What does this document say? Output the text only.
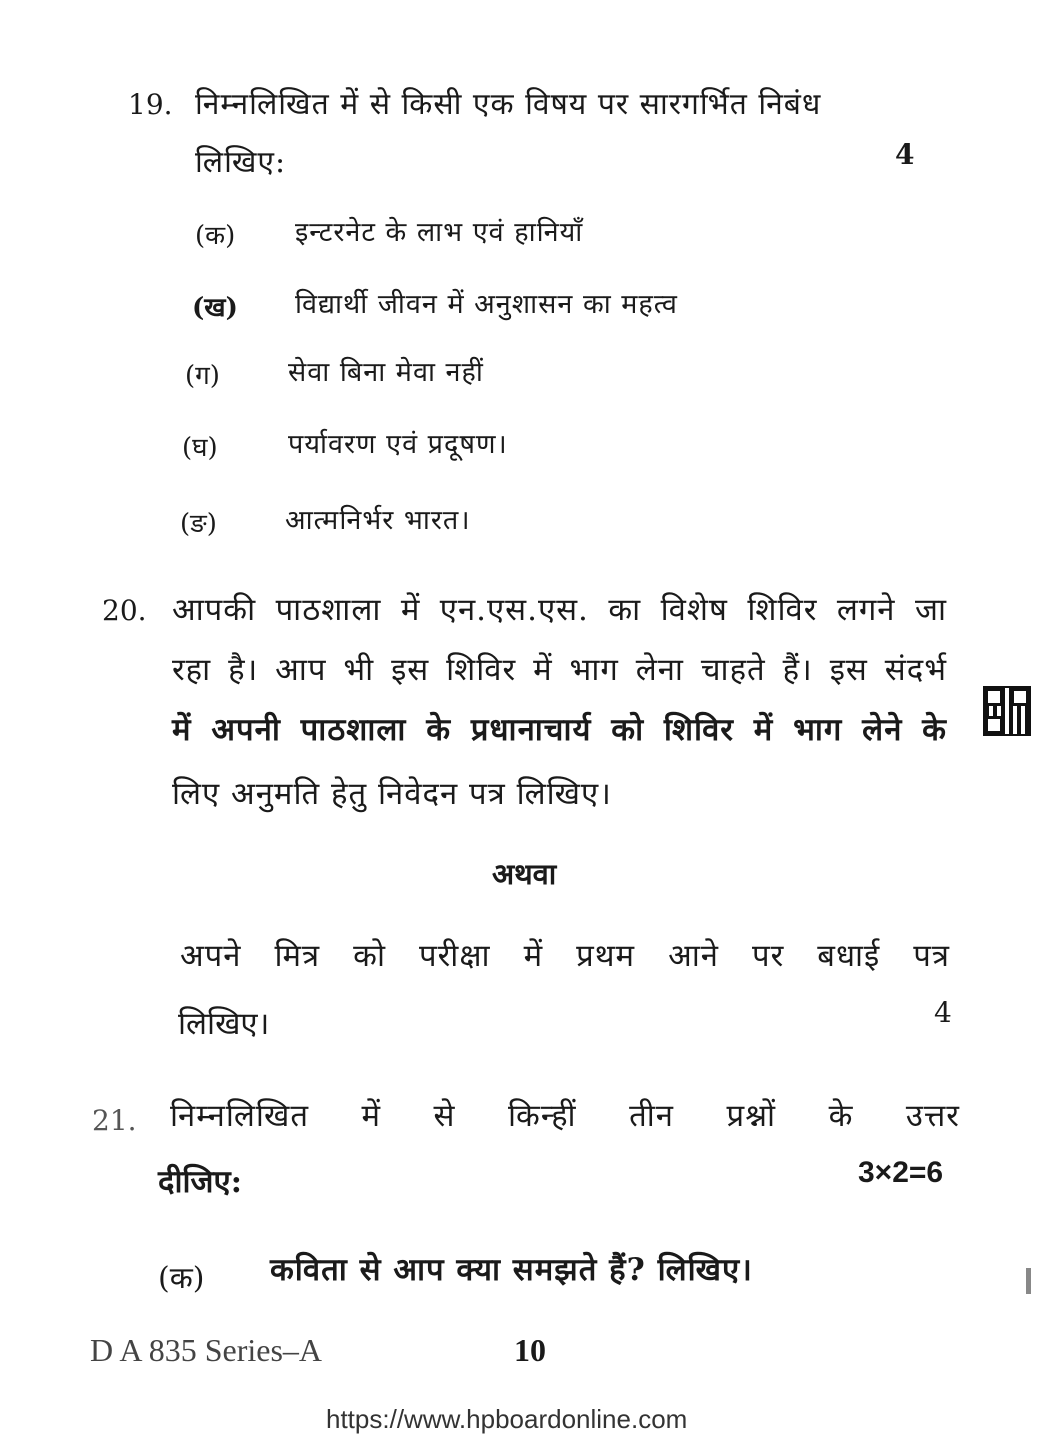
19. निम्नलिखित में से किसी एक विषय पर सारगर्भित निबंध
लिखिए:	4
(क) इन्टरनेट के लाभ एवं हानियाँ
(ख) विद्यार्थी जीवन में अनुशासन का महत्व
(ग)	सेवा बिना मेवा नहीं
(घ)	पर्यावरण एवं प्रदूषण।
(ङ)	आत्मनिर्भर भारत।
20. आपकी पाठशाला में एन.एस.एस. का विशेष शिविर लगने जा
रहा है। आप भी इस शिविर में भाग लेना चाहते हैं। इस संदर्भ
में अपनी पाठशाला के प्रधानाचार्य को शिविर में भाग लेने के
लिए अनुमति हेतु निवेदन पत्र लिखिए।
अथवा
अपने मित्र को परीक्षा में प्रथम आने पर बधाई पत्र
लिखिए।	4
21. निम्नलिखित में से किन्हीं तीन प्रश्नों के उत्तर
दीजिए:	3×2=6
(क) कविता से आप क्या समझते हैं? लिखिए।
D A 835 Series–A	10
https://www.hpboardonline.com
